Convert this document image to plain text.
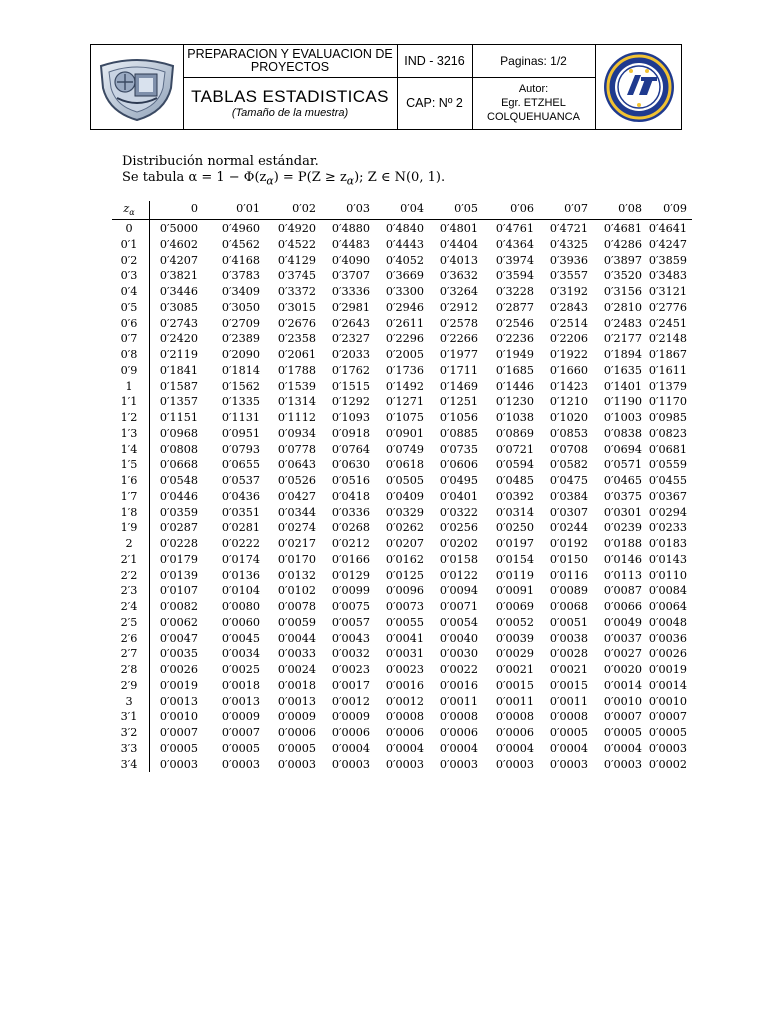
PREPARACION Y EVALUACION DE PROYECTOS	IND - 3216	Paginas: 1/2
TABLAS ESTADISTICAS
(Tamaño de la muestra)
CAP: Nº 2
Autor:
Egr. ETZHEL COLQUEHUANCA
Distribución normal estándar.
Se tabula $\alpha = 1 - \Phi(z_\alpha) = P(Z \ge z_\alpha)$; Z ∈ N(0, 1).
$z_\alpha$	0	0′01	0′02	0′03	0′04	0′05	0′06	0′07	0′08	0′09
0	0′5000	0′4960	0′4920	0′4880	0′4840	0′4801	0′4761	0′4721	0′4681 0′4641
0′1	0′4602	0′4562	0′4522	0′4483	0′4443	0′4404	0′4364	0′4325	0′4286 0′4247
0′2	0′4207	0′4168	0′4129	0′4090	0′4052	0′4013	0′3974	0′3936	0′3897 0′3859
0′3	0′3821	0′3783	0′3745	0′3707	0′3669	0′3632	0′3594	0′3557	0′3520 0′3483
0′4	0′3446	0′3409	0′3372	0′3336	0′3300	0′3264	0′3228	0′3192	0′3156 0′3121
0′5	0′3085	0′3050	0′3015	0′2981	0′2946	0′2912	0′2877	0′2843	0′2810 0′2776
0′6	0′2743	0′2709	0′2676	0′2643	0′2611	0′2578	0′2546	0′2514	0′2483 0′2451
0′7	0′2420	0′2389	0′2358	0′2327	0′2296	0′2266	0′2236	0′2206	0′2177 0′2148
0′8	0′2119	0′2090	0′2061	0′2033	0′2005	0′1977	0′1949	0′1922	0′1894 0′1867
0′9	0′1841	0′1814	0′1788	0′1762	0′1736	0′1711	0′1685	0′1660	0′1635 0′1611
1	0′1587	0′1562	0′1539	0′1515	0′1492	0′1469	0′1446	0′1423	0′1401 0′1379
1′1	0′1357	0′1335	0′1314	0′1292	0′1271	0′1251	0′1230	0′1210	0′1190 0′1170
1′2	0′1151	0′1131	0′1112	0′1093	0′1075	0′1056	0′1038	0′1020	0′1003 0′0985
1′3	0′0968	0′0951	0′0934	0′0918	0′0901	0′0885	0′0869	0′0853	0′0838 0′0823
1′4	0′0808	0′0793	0′0778	0′0764	0′0749	0′0735	0′0721	0′0708	0′0694 0′0681
1′5	0′0668	0′0655	0′0643	0′0630	0′0618	0′0606	0′0594	0′0582	0′0571 0′0559
1′6	0′0548	0′0537	0′0526	0′0516	0′0505	0′0495	0′0485	0′0475	0′0465 0′0455
1′7	0′0446	0′0436	0′0427	0′0418	0′0409	0′0401	0′0392	0′0384	0′0375 0′0367
1′8	0′0359	0′0351	0′0344	0′0336	0′0329	0′0322	0′0314	0′0307	0′0301 0′0294
1′9	0′0287	0′0281	0′0274	0′0268	0′0262	0′0256	0′0250	0′0244	0′0239 0′0233
2	0′0228	0′0222	0′0217	0′0212	0′0207	0′0202	0′0197	0′0192	0′0188 0′0183
2′1	0′0179	0′0174	0′0170	0′0166	0′0162	0′0158	0′0154	0′0150	0′0146 0′0143
2′2	0′0139	0′0136	0′0132	0′0129	0′0125	0′0122	0′0119	0′0116	0′0113 0′0110
2′3	0′0107	0′0104	0′0102	0′0099	0′0096	0′0094	0′0091	0′0089	0′0087 0′0084
2′4	0′0082	0′0080	0′0078	0′0075	0′0073	0′0071	0′0069	0′0068	0′0066 0′0064
2′5	0′0062	0′0060	0′0059	0′0057	0′0055	0′0054	0′0052	0′0051	0′0049 0′0048
2′6	0′0047	0′0045	0′0044	0′0043	0′0041	0′0040	0′0039	0′0038	0′0037 0′0036
2′7	0′0035	0′0034	0′0033	0′0032	0′0031	0′0030	0′0029	0′0028	0′0027 0′0026
2′8	0′0026	0′0025	0′0024	0′0023	0′0023	0′0022	0′0021	0′0021	0′0020 0′0019
2′9	0′0019	0′0018	0′0018	0′0017	0′0016	0′0016	0′0015	0′0015	0′0014 0′0014
3	0′0013	0′0013	0′0013	0′0012	0′0012	0′0011	0′0011	0′0011	0′0010 0′0010
3′1	0′0010	0′0009	0′0009	0′0009	0′0008	0′0008	0′0008	0′0008	0′0007 0′0007
3′2	0′0007	0′0007	0′0006	0′0006	0′0006	0′0006	0′0006	0′0005	0′0005 0′0005
3′3	0′0005	0′0005	0′0005	0′0004	0′0004	0′0004	0′0004	0′0004	0′0004 0′0003
3′4	0′0003	0′0003	0′0003	0′0003	0′0003	0′0003	0′0003	0′0003	0′0003 0′0002
